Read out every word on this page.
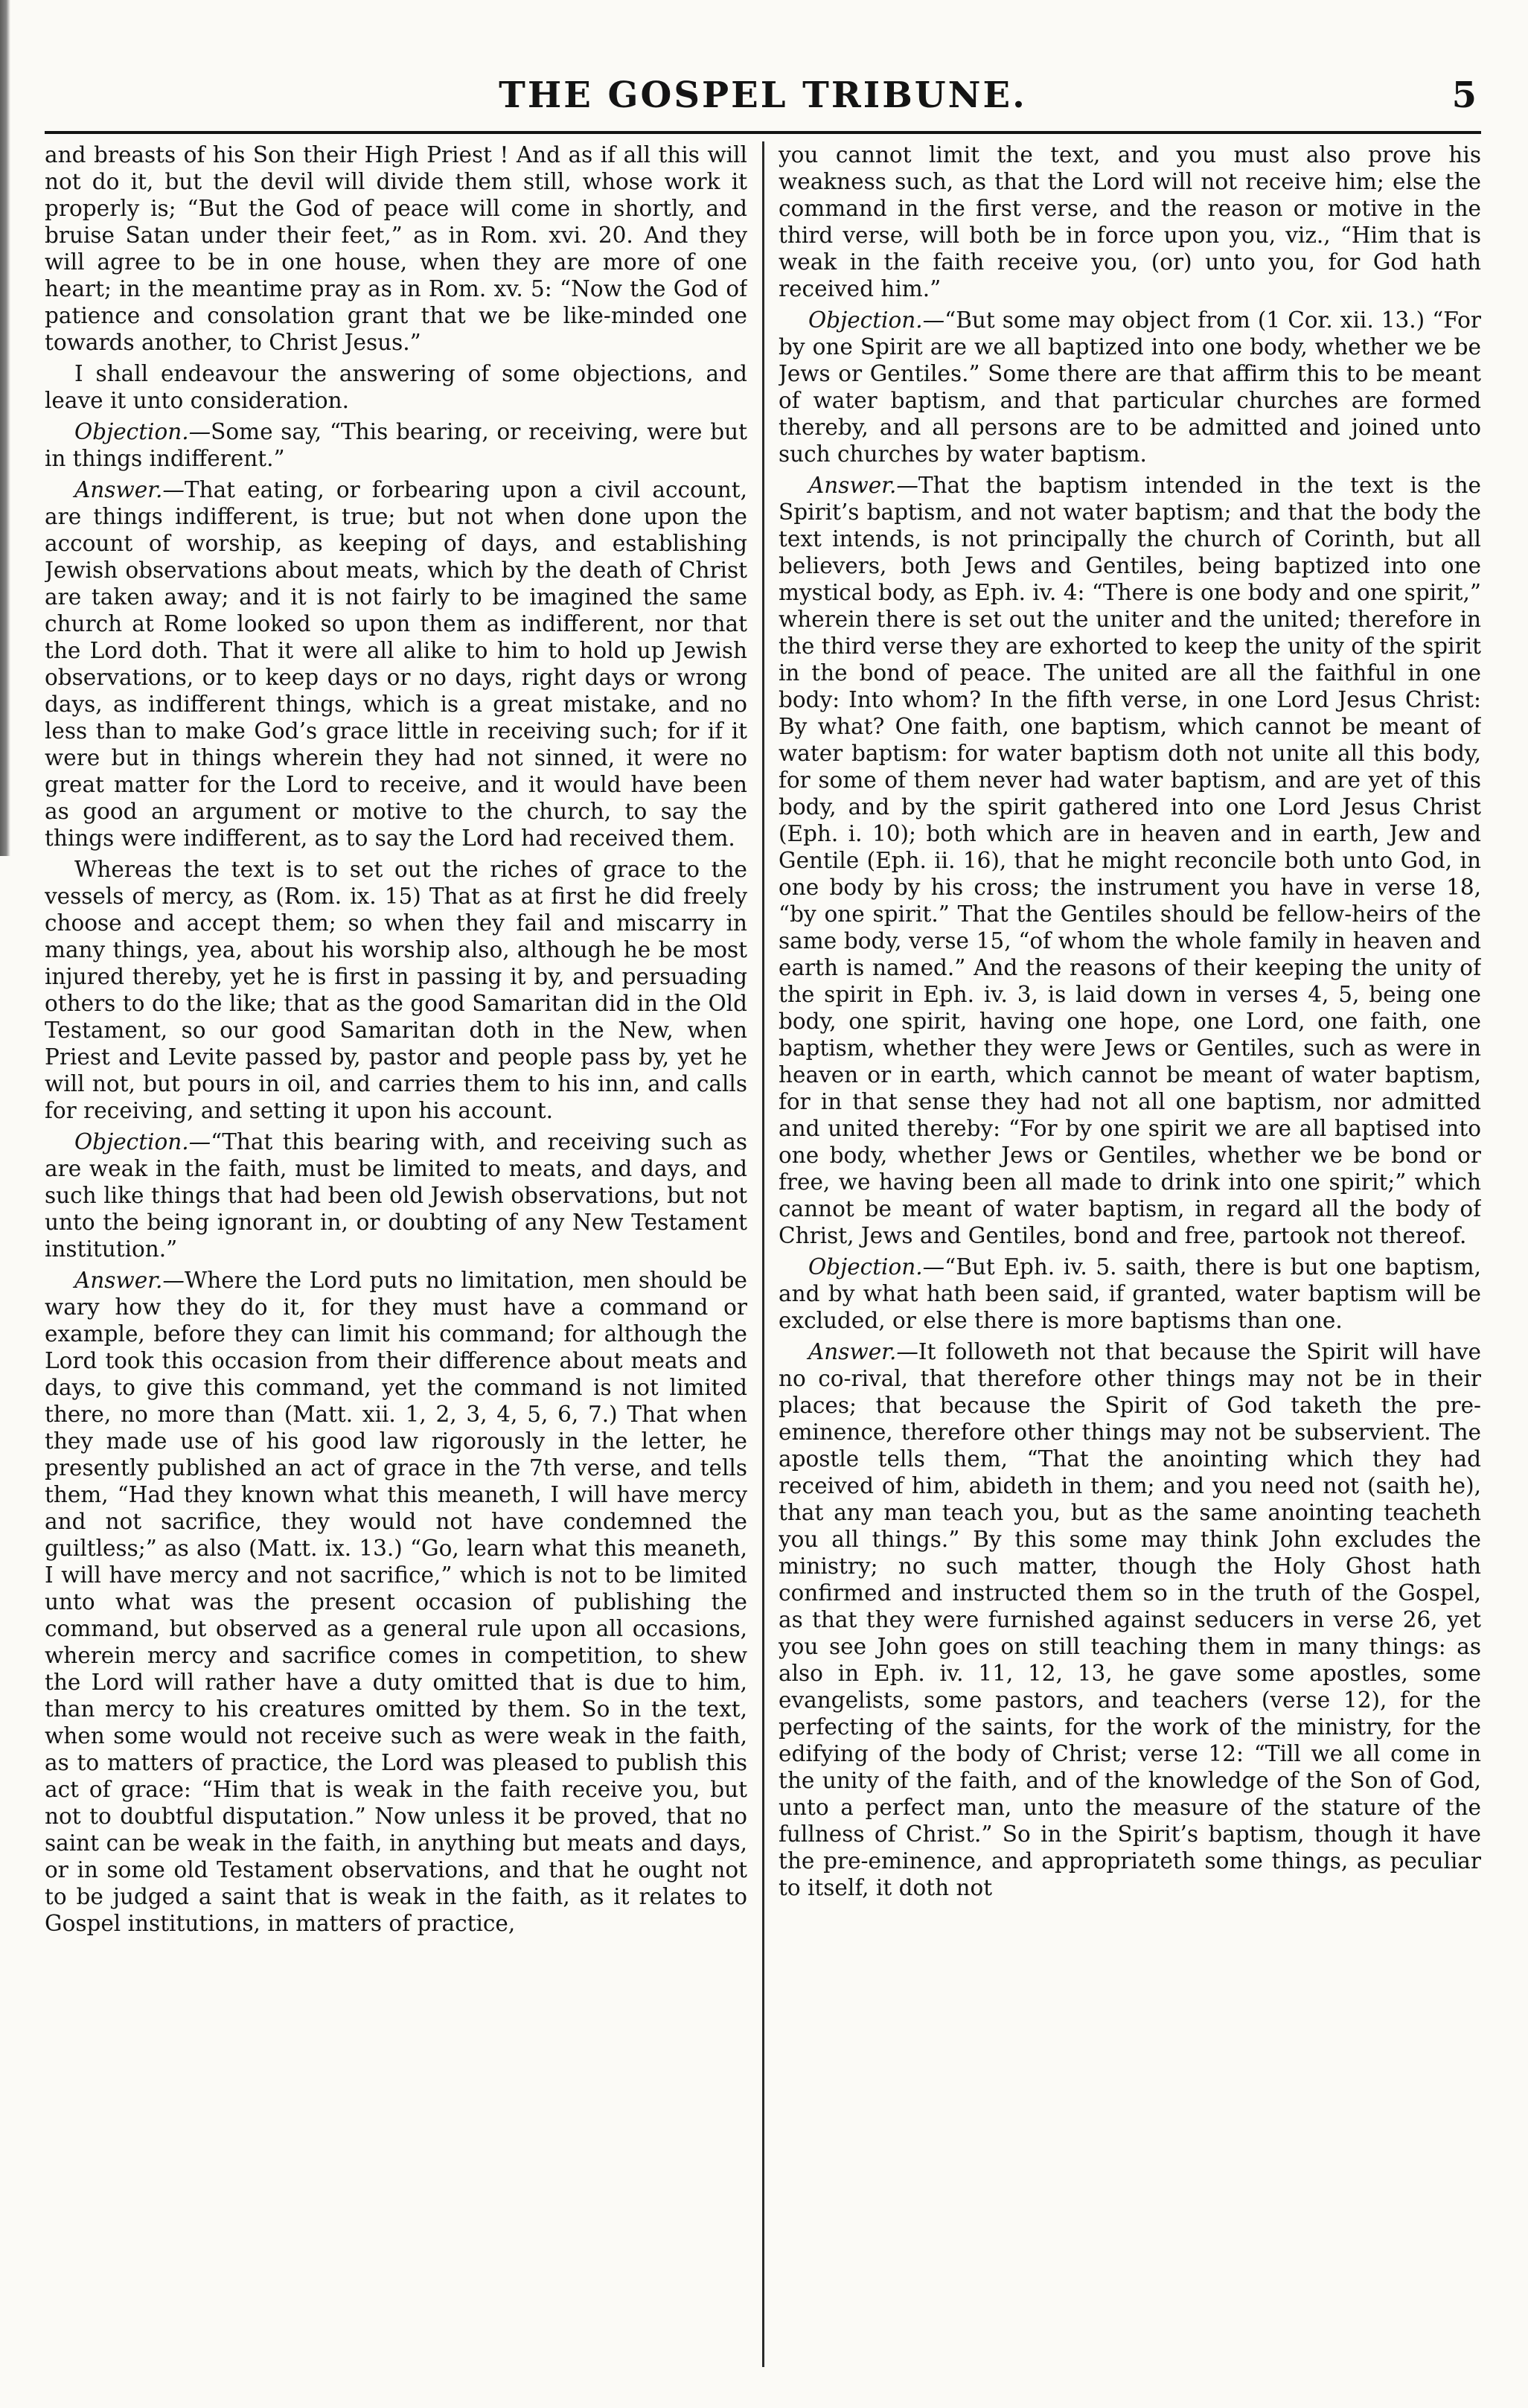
THE GOSPEL TRIBUNE.	5

and breasts of his Son their High Priest ! And as if all this will not do it, but the devil will divide them still, whose work it properly is; “But the God of peace will come in shortly, and bruise Satan under their feet,” as in Rom. xvi. 20. And they will agree to be in one house, when they are more of one heart; in the meantime pray as in Rom. xv. 5: “Now the God of patience and consolation grant that we be like-minded one towards another, to Christ Jesus.”

I shall endeavour the answering of some objections, and leave it unto consideration.

Objection.—Some say, “This bearing, or receiving, were but in things indifferent.”

Answer.—That eating, or forbearing upon a civil account, are things indifferent, is true; but not when done upon the account of worship, as keeping of days, and establishing Jewish observations about meats, which by the death of Christ are taken away; and it is not fairly to be imagined the same church at Rome looked so upon them as indifferent, nor that the Lord doth. That it were all alike to him to hold up Jewish observations, or to keep days or no days, right days or wrong days, as indifferent things, which is a great mistake, and no less than to make God’s grace little in receiving such; for if it were but in things wherein they had not sinned, it were no great matter for the Lord to receive, and it would have been as good an argument or motive to the church, to say the things were indifferent, as to say the Lord had received them.

Whereas the text is to set out the riches of grace to the vessels of mercy, as (Rom. ix. 15) That as at first he did freely choose and accept them; so when they fail and miscarry in many things, yea, about his worship also, although he be most injured thereby, yet he is first in passing it by, and persuading others to do the like; that as the good Samaritan did in the Old Testament, so our good Samaritan doth in the New, when Priest and Levite passed by, pastor and people pass by, yet he will not, but pours in oil, and carries them to his inn, and calls for receiving, and setting it upon his account.

Objection.—“That this bearing with, and receiving such as are weak in the faith, must be limited to meats, and days, and such like things that had been old Jewish observations, but not unto the being ignorant in, or doubting of any New Testament institution.”

Answer.—Where the Lord puts no limitation, men should be wary how they do it, for they must have a command or example, before they can limit his command; for although the Lord took this occasion from their difference about meats and days, to give this command, yet the command is not limited there, no more than (Matt. xii. 1, 2, 3, 4, 5, 6, 7.) That when they made use of his good law rigorously in the letter, he presently published an act of grace in the 7th verse, and tells them, “Had they known what this meaneth, I will have mercy and not sacrifice, they would not have condemned the guiltless;” as also (Matt. ix. 13.) “Go, learn what this meaneth, I will have mercy and not sacrifice,” which is not to be limited unto what was the present occasion of publishing the command, but observed as a general rule upon all occasions, wherein mercy and sacrifice comes in competition, to shew the Lord will rather have a duty omitted that is due to him, than mercy to his creatures omitted by them. So in the text, when some would not receive such as were weak in the faith, as to matters of practice, the Lord was pleased to publish this act of grace: “Him that is weak in the faith receive you, but not to doubtful disputation.” Now unless it be proved, that no saint can be weak in the faith, in anything but meats and days, or in some old Testament observations, and that he ought not to be judged a saint that is weak in the faith, as it relates to Gospel institutions, in matters of practice,

you cannot limit the text, and you must also prove his weakness such, as that the Lord will not receive him; else the command in the first verse, and the reason or motive in the third verse, will both be in force upon you, viz., “Him that is weak in the faith receive you, (or) unto you, for God hath received him.”

Objection.—“But some may object from (1 Cor. xii. 13.) “For by one Spirit are we all baptized into one body, whether we be Jews or Gentiles.” Some there are that affirm this to be meant of water baptism, and that particular churches are formed thereby, and all persons are to be admitted and joined unto such churches by water baptism.

Answer.—That the baptism intended in the text is the Spirit’s baptism, and not water baptism; and that the body the text intends, is not principally the church of Corinth, but all believers, both Jews and Gentiles, being baptized into one mystical body, as Eph. iv. 4: “There is one body and one spirit,” wherein there is set out the uniter and the united; therefore in the third verse they are exhorted to keep the unity of the spirit in the bond of peace. The united are all the faithful in one body: Into whom? In the fifth verse, in one Lord Jesus Christ: By what? One faith, one baptism, which cannot be meant of water baptism: for water baptism doth not unite all this body, for some of them never had water baptism, and are yet of this body, and by the spirit gathered into one Lord Jesus Christ (Eph. i. 10); both which are in heaven and in earth, Jew and Gentile (Eph. ii. 16), that he might reconcile both unto God, in one body by his cross; the instrument you have in verse 18, “by one spirit.” That the Gentiles should be fellow-heirs of the same body, verse 15, “of whom the whole family in heaven and earth is named.” And the reasons of their keeping the unity of the spirit in Eph. iv. 3, is laid down in verses 4, 5, being one body, one spirit, having one hope, one Lord, one faith, one baptism, whether they were Jews or Gentiles, such as were in heaven or in earth, which cannot be meant of water baptism, for in that sense they had not all one baptism, nor admitted and united thereby: “For by one spirit we are all baptised into one body, whether Jews or Gentiles, whether we be bond or free, we having been all made to drink into one spirit;” which cannot be meant of water baptism, in regard all the body of Christ, Jews and Gentiles, bond and free, partook not thereof.

Objection.—“But Eph. iv. 5. saith, there is but one baptism, and by what hath been said, if granted, water baptism will be excluded, or else there is more baptisms than one.

Answer.—It followeth not that because the Spirit will have no co-rival, that therefore other things may not be in their places; that because the Spirit of God taketh the pre-eminence, therefore other things may not be subservient. The apostle tells them, “That the anointing which they had received of him, abideth in them; and you need not (saith he), that any man teach you, but as the same anointing teacheth you all things.” By this some may think John excludes the ministry; no such matter, though the Holy Ghost hath confirmed and instructed them so in the truth of the Gospel, as that they were furnished against seducers in verse 26, yet you see John goes on still teaching them in many things: as also in Eph. iv. 11, 12, 13, he gave some apostles, some evangelists, some pastors, and teachers (verse 12), for the perfecting of the saints, for the work of the ministry, for the edifying of the body of Christ; verse 12: “Till we all come in the unity of the faith, and of the knowledge of the Son of God, unto a perfect man, unto the measure of the stature of the fullness of Christ.” So in the Spirit’s baptism, though it have the pre-eminence, and appropriateth some things, as peculiar to itself, it doth not
